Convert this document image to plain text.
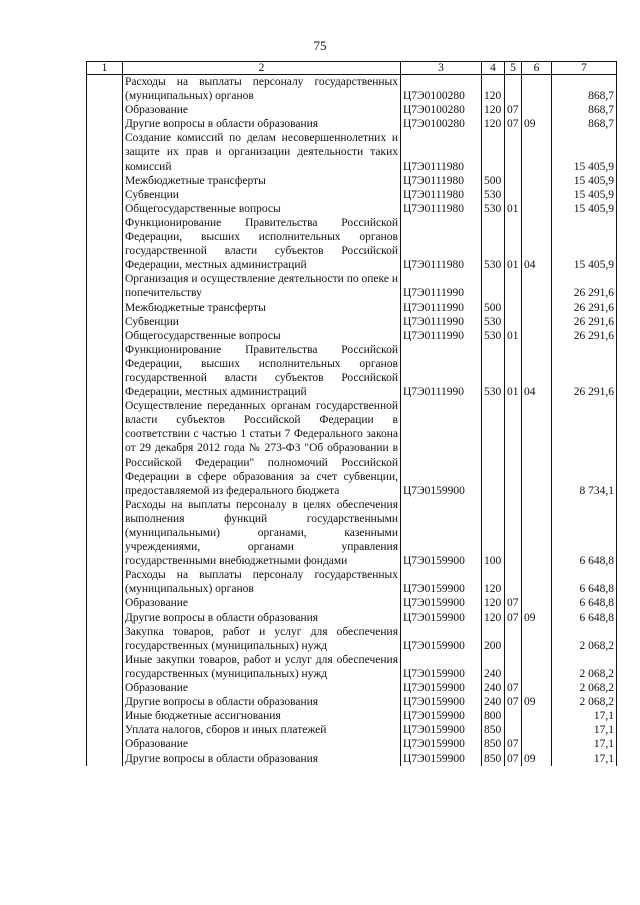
75
1	2	3	4	5	6	7
	Расходы на выплаты персоналу государственных (муниципальных) органов	Ц7Э0100280	120			868,7
	Образование	Ц7Э0100280	120	07		868,7
	Другие вопросы в области образования	Ц7Э0100280	120	07	09	868,7
	Создание комиссий по делам несовершеннолетних и защите их прав и организации деятельности таких комиссий	Ц7Э0111980				15 405,9
	Межбюджетные трансферты	Ц7Э0111980	500			15 405,9
	Субвенции	Ц7Э0111980	530			15 405,9
	Общегосударственные вопросы	Ц7Э0111980	530	01		15 405,9
	Функционирование Правительства Российской Федерации, высших исполнительных органов государственной власти субъектов Российской Федерации, местных администраций	Ц7Э0111980	530	01	04	15 405,9
	Организация и осуществление деятельности по опеке и попечительству	Ц7Э0111990				26 291,6
	Межбюджетные трансферты	Ц7Э0111990	500			26 291,6
	Субвенции	Ц7Э0111990	530			26 291,6
	Общегосударственные вопросы	Ц7Э0111990	530	01		26 291,6
	Функционирование Правительства Российской Федерации, высших исполнительных органов государственной власти субъектов Российской Федерации, местных администраций	Ц7Э0111990	530	01	04	26 291,6
	Осуществление переданных органам государственной власти субъектов Российской Федерации в соответствии с частью 1 статьи 7 Федерального закона от 29 декабря 2012 года № 273-ФЗ "Об образовании в Российской Федерации" полномочий Российской Федерации в сфере образования за счет субвенции, предоставляемой из федерального бюджета	Ц7Э0159900				8 734,1
	Расходы на выплаты персоналу в целях обеспечения выполнения функций государственными (муниципальными) органами, казенными учреждениями, органами управления государственными внебюджетными фондами	Ц7Э0159900	100			6 648,8
	Расходы на выплаты персоналу государственных (муниципальных) органов	Ц7Э0159900	120			6 648,8
	Образование	Ц7Э0159900	120	07		6 648,8
	Другие вопросы в области образования	Ц7Э0159900	120	07	09	6 648,8
	Закупка товаров, работ и услуг для обеспечения государственных (муниципальных) нужд	Ц7Э0159900	200			2 068,2
	Иные закупки товаров, работ и услуг для обеспечения государственных (муниципальных) нужд	Ц7Э0159900	240			2 068,2
	Образование	Ц7Э0159900	240	07		2 068,2
	Другие вопросы в области образования	Ц7Э0159900	240	07	09	2 068,2
	Иные бюджетные ассигнования	Ц7Э0159900	800			17,1
	Уплата налогов, сборов и иных платежей	Ц7Э0159900	850			17,1
	Образование	Ц7Э0159900	850	07		17,1
	Другие вопросы в области образования	Ц7Э0159900	850	07	09	17,1
